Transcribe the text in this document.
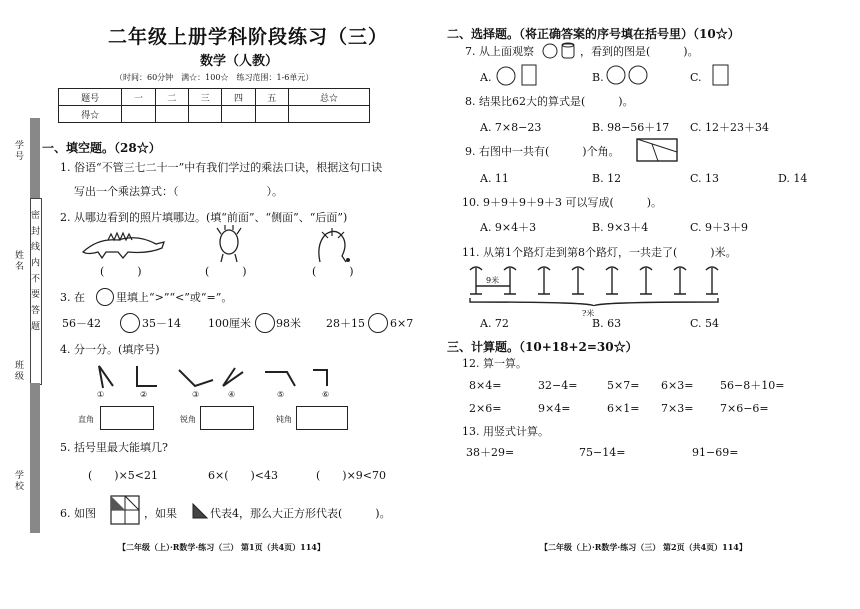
密 封 线 内 不 要 答 题
学号
姓名
班级
学校
二年级上册学科阶段练习（三）
数学（人教）
（时间：60分钟　满☆：100☆　练习范围：1-6单元）
题号	一	二	三	四	五	总☆
得☆						
一、填空题。（28☆）
1. 俗语“不管三七二十一”中有我们学过的乘法口诀，根据这句口诀
写出一个乘法算式：（　　　　　　　　）。
2. 从哪边看到的照片填哪边。(填“前面”、“侧面”、“后面”)
(　　　)	(　　　)	(　　　)
3. 在	里填上“>”“<”或“=”。
56－42	35－14 100厘米 98米 28＋15 6×7
4. 分一分。(填序号)
①	②	③	④	⑤	⑥
直角	锐角	钝角
5. 括号里最大能填几?
(　　)×5<21	6×(　　)<43	(　　)×9<70
6. 如图	，如果	代表4，那么大正方形代表(　　　)。
【二年级（上）·R数学·练习（三） 第1页（共4页）114】
二、选择题。（将正确答案的序号填在括号里）（10☆）
7. 从上面观察	，看到的图是(　　　)。
A.	B.	C.
8. 结果比62大的算式是(　　　)。
A. 7×8−23	B. 98−56＋17 C. 12＋23＋34
9. 右图中一共有(　　　)个角。
A. 11	B. 12	C. 13	D. 14
10. 9＋9＋9＋9＋3 可以写成(　　　)。
A. 9×4＋3	B. 9×3＋4	C. 9＋3＋9
11. 从第1个路灯走到第8个路灯，一共走了(　　　)米。
9米
?米
A. 72	B. 63	C. 54
三、计算题。（10+18+2=30☆）
12. 算一算。
8×4=	32−4=	5×7= 6×3= 56−8＋10=
2×6=	9×4=	6×1= 7×3= 7×6−6=
13. 用竖式计算。
38＋29=	75−14=	91−69=
【二年级（上）·R数学·练习（三） 第2页（共4页）114】
